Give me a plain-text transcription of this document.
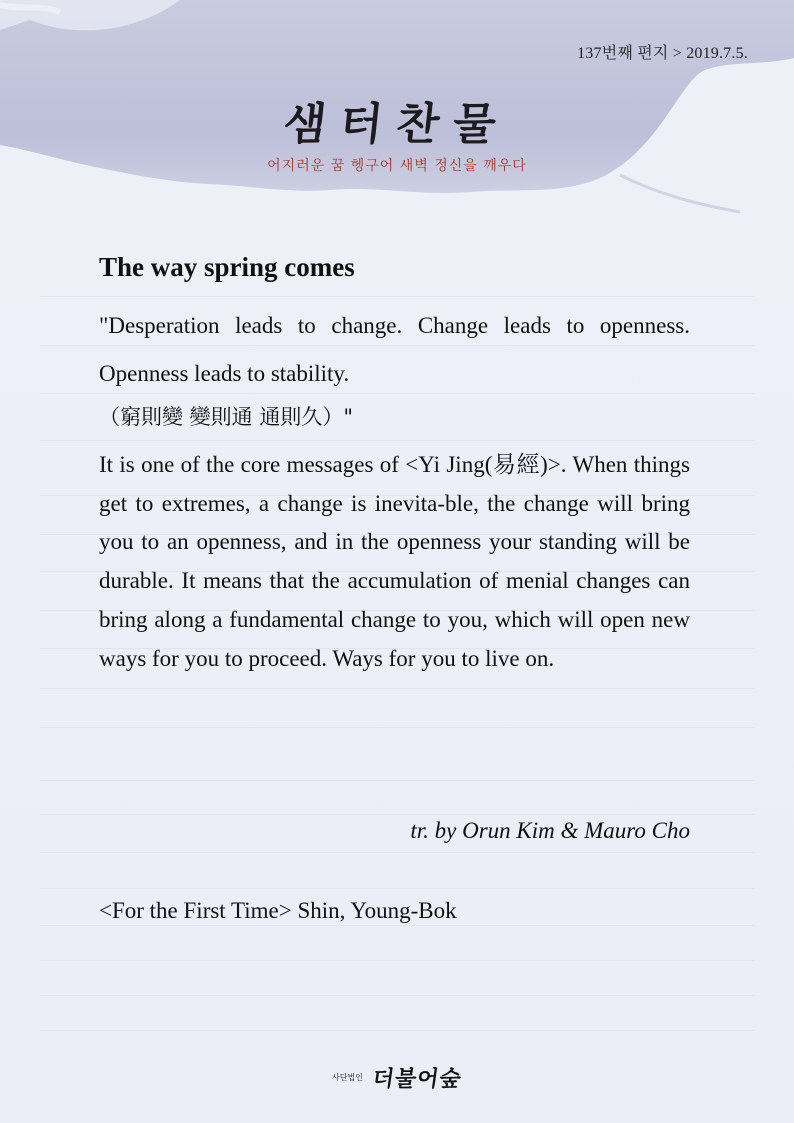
137번째 편지 > 2019.7.5.
샘터찬물
어지러운 꿈 헹구어 새벽 정신을 깨우다
The way spring comes

"Desperation leads to change. Change leads to openness. Openness leads to stability.

（窮則變 變則通 通則久）"

It is one of the core messages of <Yi Jing(易經)>. When things get to extremes, a change is inevita-ble, the change will bring you to an openness, and in the openness your standing will be durable. It means that the accumulation of menial changes can bring along a fundamental change to you, which will open new ways for you to proceed. Ways for you to live on.

tr. by Orun Kim & Mauro Cho

<For the First Time> Shin, Young-Bok

사단법인 더불어숲
